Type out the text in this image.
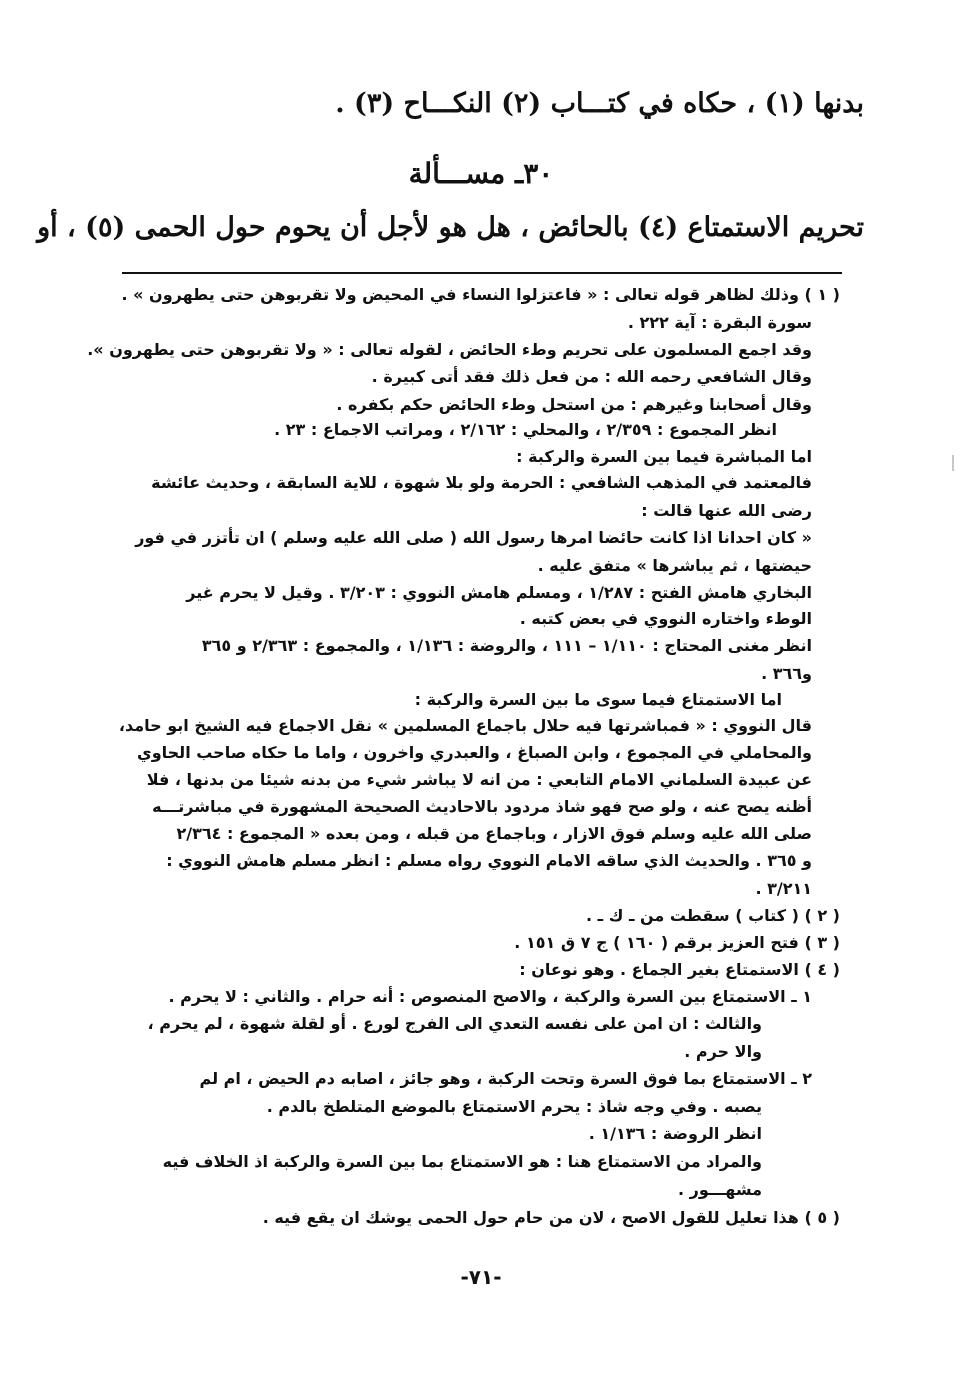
بدنها (١) ، حكاه في كتـــاب (٢) النكـــاح (٣) .
٣٠ـ مســـألة
تحريم الاستمتاع (٤) بالحائض ، هل هو لأجل أن يحوم حول الحمى (٥) ، أو
( ١ ) وذلك لظاهر قوله تعالى : « فاعتزلوا النساء في المحيض ولا تقربوهن حتى يطهرون » .
سورة البقرة : آية ٢٢٢ .
وقد اجمع المسلمون على تحريم وطء الحائض ، لقوله تعالى : « ولا تقربوهن حتى يطهرون ».
وقال الشافعي رحمه الله : من فعل ذلك فقد أتى كبيرة .
وقال أصحابنا وغيرهم : من استحل وطء الحائض حكم بكفره .
انظر المجموع : ٢/٣٥٩ ، والمحلي : ٢/١٦٢ ، ومراتب الاجماع : ٢٣ .
اما المباشرة فيما بين السرة والركبة :
فالمعتمد في المذهب الشافعي : الحرمة ولو بلا شهوة ، للاية السابقة ، وحديث عائشة
رضى الله عنها قالت :
« كان احدانا اذا كانت حائضا امرها رسول الله ( صلى الله عليه وسلم ) ان تأتزر في فور
حيضتها ، ثم يباشرها » متفق عليه .
البخاري هامش الفتح : ١/٢٨٧ ، ومسلم هامش النووي : ٣/٢٠٣ . وقيل لا يحرم غير
الوطء واختاره النووي في بعض كتبه .
انظر مغنى المحتاج : ١/١١٠ – ١١١ ، والروضة : ١/١٣٦ ، والمجموع : ٢/٣٦٣ و ٣٦٥
و٣٦٦ .
اما الاستمتاع فيما سوى ما بين السرة والركبة :
قال النووي : « فمباشرتها فيه حلال باجماع المسلمين » نقل الاجماع فيه الشيخ ابو حامد،
والمحاملي في المجموع ، وابن الصباغ ، والعبدري واخرون ، واما ما حكاه صاحب الحاوي
عن عبيدة السلماني الامام التابعي : من انه لا يباشر شيء من بدنه شيئا من بدنها ، فلا
أظنه يصح عنه ، ولو صح فهو شاذ مردود بالاحاديث الصحيحة المشهورة في مباشرتـــه
صلى الله عليه وسلم فوق الازار ، وباجماع من قبله ، ومن بعده « المجموع : ٢/٣٦٤
و ٣٦٥ . والحديث الذي ساقه الامام النووي رواه مسلم : انظر مسلم هامش النووي :
٣/٢١١ .
( ٢ ) ( كتاب ) سقطت من ـ ك ـ .
( ٣ ) فتح العزيز برقم ( ١٦٠ ) ج ٧ ق ١٥١ .
( ٤ ) الاستمتاع بغير الجماع . وهو نوعان :
١ ـ الاستمتاع بين السرة والركبة ، والاصح المنصوص : أنه حرام . والثاني : لا يحرم .
والثالث : ان امن على نفسه التعدي الى الفرج لورع . أو لقلة شهوة ، لم يحرم ،
والا حرم .
٢ ـ الاستمتاع بما فوق السرة وتحت الركبة ، وهو جائز ، اصابه دم الحيض ، ام لم
يصبه . وفي وجه شاذ : يحرم الاستمتاع بالموضع المتلطخ بالدم .
انظر الروضة : ١/١٣٦ .
والمراد من الاستمتاع هنا : هو الاستمتاع بما بين السرة والركبة اذ الخلاف فيه
مشهـــور .
( ٥ ) هذا تعليل للقول الاصح ، لان من حام حول الحمى يوشك ان يقع فيه .
-٧١-
